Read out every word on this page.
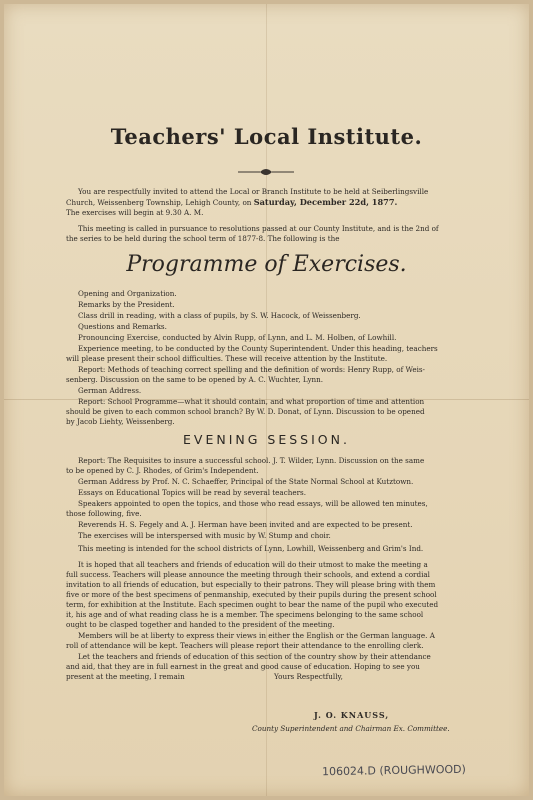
Teachers' Local Institute.
You are respectfully invited to attend the Local or Branch Institute to be held at Seiberlingsville
Church, Weissenberg Township, Lehigh County, on Saturday, December 22d, 1877.
The exercises will begin at 9.30 A. M.
This meeting is called in pursuance to resolutions passed at our County Institute, and is the 2nd of
the series to be held during the school term of 1877-8. The following is the
Programme of Exercises.
Opening and Organization.
Remarks by the President.
Class drill in reading, with a class of pupils, by S. W. Hacock, of Weissenberg.
Questions and Remarks.
Pronouncing Exercise, conducted by Alvin Rupp, of Lynn, and L. M. Holben, of Lowhill.
Experience meeting, to be conducted by the County Superintendent. Under this heading, teachers
will please present their school difficulties. These will receive attention by the Institute.
Report: Methods of teaching correct spelling and the definition of words: Henry Rupp, of Weis-
senberg. Discussion on the same to be opened by A. C. Wuchter, Lynn.
German Address.
Report: School Programme—what it should contain, and what proportion of time and attention
should be given to each common school branch? By W. D. Donat, of Lynn. Discussion to be opened
by Jacob Liehty, Weissenberg.
EVENING SESSION.
Report: The Requisites to insure a successful school. J. T. Wilder, Lynn. Discussion on the same
to be opened by C. J. Rhodes, of Grim's Independent.
German Address by Prof. N. C. Schaeffer, Principal of the State Normal School at Kutztown.
Essays on Educational Topics will be read by several teachers.
Speakers appointed to open the topics, and those who read essays, will be allowed ten minutes,
those following, five.
Reverends H. S. Fegely and A. J. Herman have been invited and are expected to be present.
The exercises will be interspersed with music by W. Stump and choir.
This meeting is intended for the school districts of Lynn, Lowhill, Weissenberg and Grim's Ind.
It is hoped that all teachers and friends of education will do their utmost to make the meeting a
full success. Teachers will please announce the meeting through their schools, and extend a cordial
invitation to all friends of education, but especially to their patrons. They will please bring with them
five or more of the best specimens of penmanship, executed by their pupils during the present school
term, for exhibition at the Institute. Each specimen ought to bear the name of the pupil who executed
it, his age and of what reading class he is a member. The specimens belonging to the same school
ought to be clasped together and handed to the president of the meeting.
Members will be at liberty to express their views in either the English or the German language. A
roll of attendance will be kept. Teachers will please report their attendance to the enrolling clerk.
Let the teachers and friends of education of this section of the country show by their attendance
and aid, that they are in full earnest in the great and good cause of education. Hoping to see you
present at the meeting, I remain	Yours Respectfully,
J. O. KNAUSS,
County Superintendent and Chairman Ex. Committee.
106024.D (ROUGHWOOD)
